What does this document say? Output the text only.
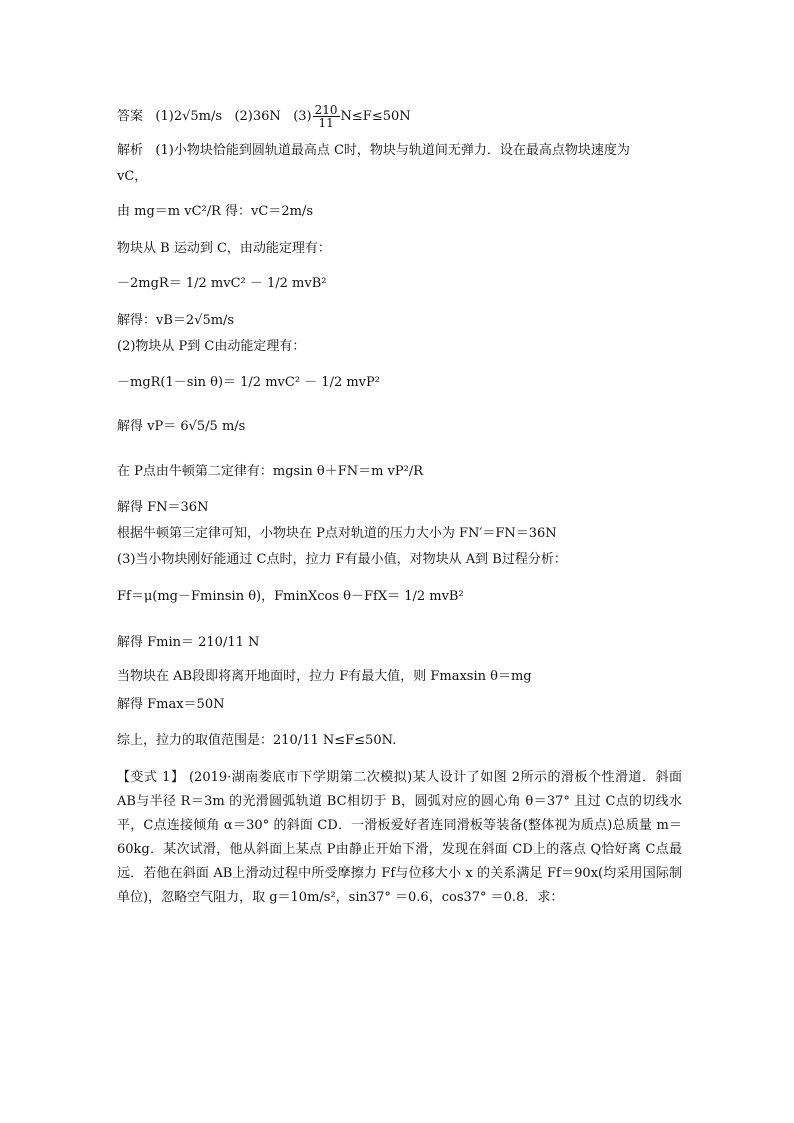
答案 (1)2√5m/s (2)36N $(3) \frac{210}{11} N\le F\le 50N$
解析 (1)小物块恰能到圆轨道最高点 C时，物块与轨道间无弹力．设在最高点物块速度为
vC，
由 mg＝m vC²/R 得：vC＝2m/s
物块从 B 运动到 C，由动能定理有：
－2mgR＝ 1/2 mvC² － 1/2 mvB²
解得：vB＝2√5m/s
(2)物块从 P到 C由动能定理有：
－mgR(1－sin θ)＝ 1/2 mvC² － 1/2 mvP²
解得 vP＝ 6√5/5 m/s
在 P点由牛顿第二定律有：mgsin θ＋FN＝m vP²/R
解得 FN＝36N
根据牛顿第三定律可知，小物块在 P点对轨道的压力大小为 FN′＝FN＝36N
(3)当小物块刚好能通过 C点时，拉力 F有最小值，对物块从 A到 B过程分析：
Ff＝μ(mg－Fminsin θ)，FminXcos θ－FfX＝ 1/2 mvB²
解得 Fmin＝ 210/11 N
当物块在 AB段即将离开地面时，拉力 F有最大值，则 Fmaxsin θ＝mg
解得 Fmax＝50N
综上，拉力的取值范围是：210/11 N≤F≤50N.
【变式 1】 (2019·湖南娄底市下学期第二次模拟)某人设计了如图 2所示的滑板个性滑道．斜面 AB与半径 R＝3m 的光滑圆弧轨道 BC相切于 B，圆弧对应的圆心角 θ＝37° 且过 C点的切线水平，C点连接倾角 α＝30° 的斜面 CD．一滑板爱好者连同滑板等装备(整体视为质点)总质量 m＝60kg．某次试滑，他从斜面上某点 P由静止开始下滑，发现在斜面 CD上的落点 Q恰好离 C点最远．若他在斜面 AB上滑动过程中所受摩擦力 Ff与位移大小 x 的关系满足 Ff＝90x(均采用国际制单位)，忽略空气阻力，取 g＝10m/s²，sin37° ＝0.6，cos37° ＝0.8．求：
